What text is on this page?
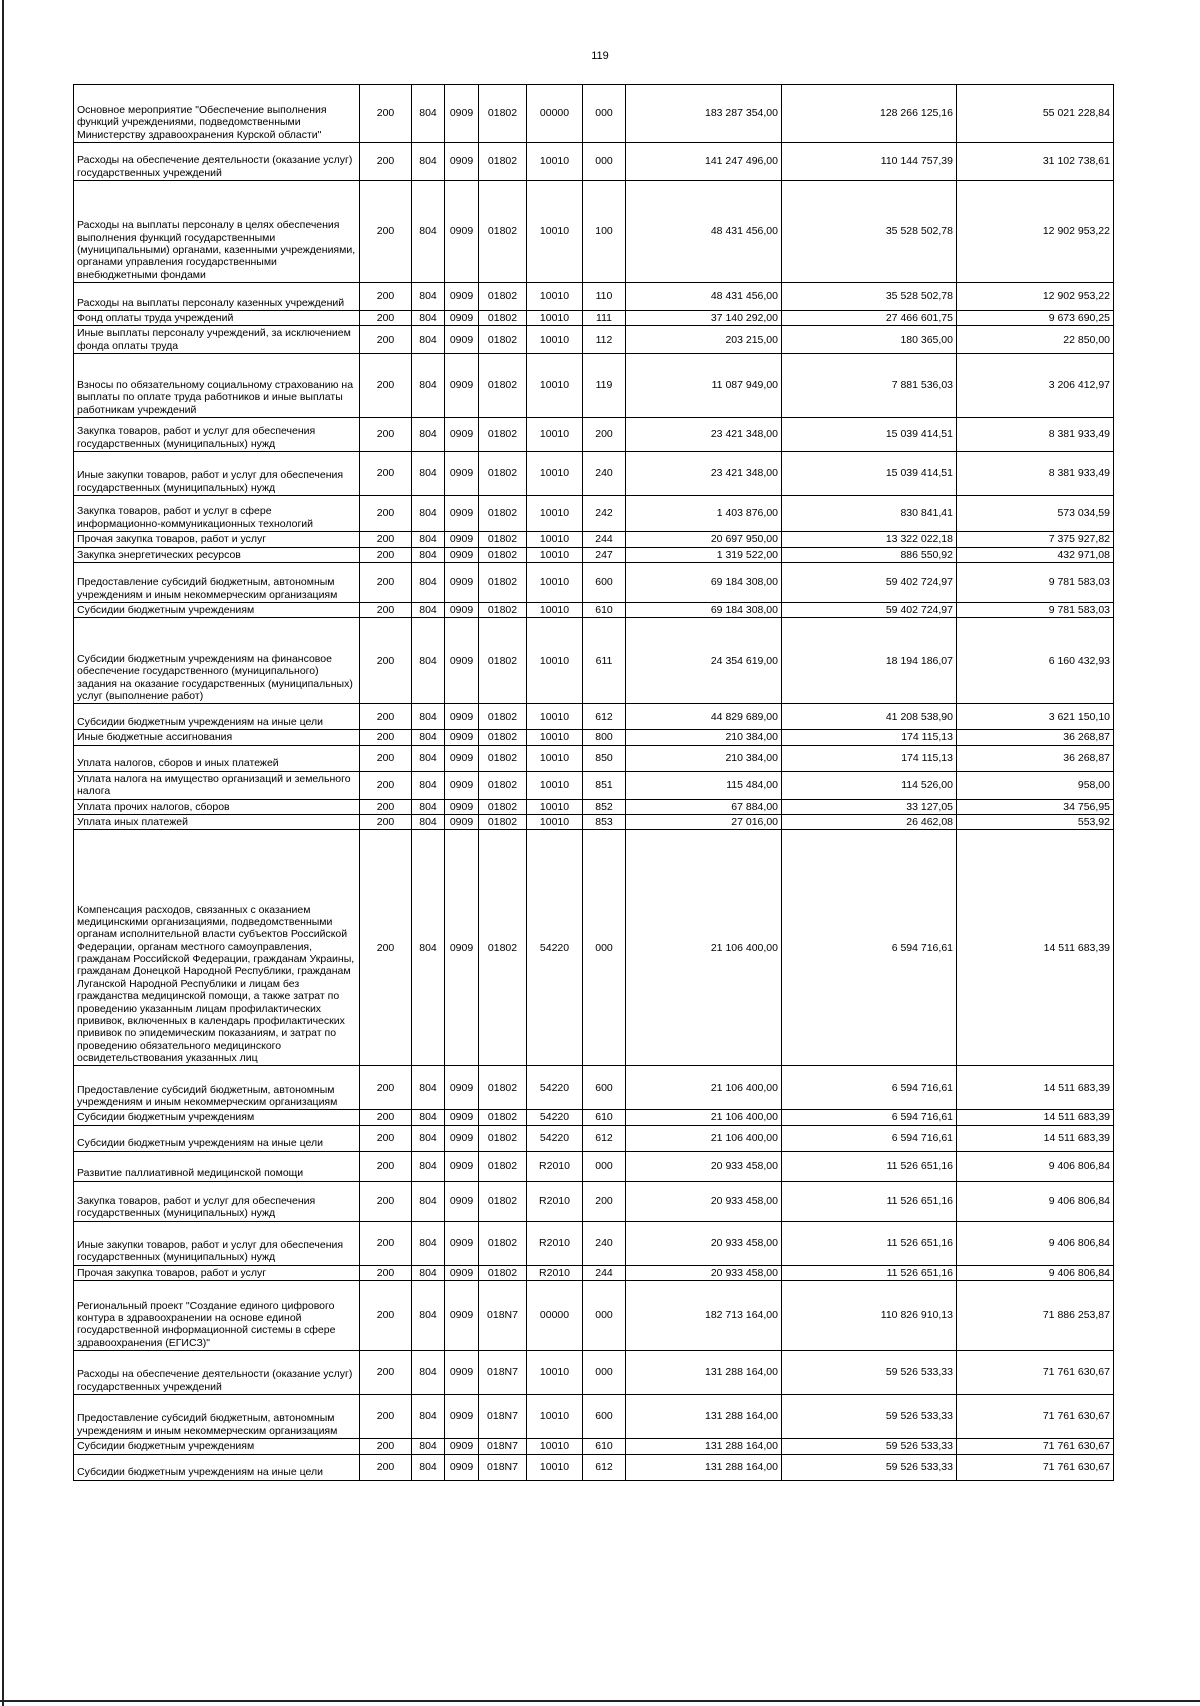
119
Основное мероприятие "Обеспечение выполнения функций учреждениями, подведомственными Министерству здравоохранения Курской области"	200	804	0909	01802	00000	000	183 287 354,00	128 266 125,16	55 021 228,84
Расходы на обеспечение деятельности (оказание услуг) государственных учреждений	200	804	0909	01802	10010	000	141 247 496,00	110 144 757,39	31 102 738,61
Расходы на выплаты персоналу в целях обеспечения выполнения функций государственными (муниципальными) органами, казенными учреждениями, органами управления государственными внебюджетными фондами	200	804	0909	01802	10010	100	48 431 456,00	35 528 502,78	12 902 953,22
Расходы на выплаты персоналу казенных учреждений	200	804	0909	01802	10010	110	48 431 456,00	35 528 502,78	12 902 953,22
Фонд оплаты труда учреждений	200	804	0909	01802	10010	111	37 140 292,00	27 466 601,75	9 673 690,25
Иные выплаты персоналу учреждений, за исключением фонда оплаты труда	200	804	0909	01802	10010	112	203 215,00	180 365,00	22 850,00
Взносы по обязательному социальному страхованию на выплаты по оплате труда работников и иные выплаты работникам учреждений	200	804	0909	01802	10010	119	11 087 949,00	7 881 536,03	3 206 412,97
Закупка товаров, работ и услуг для обеспечения государственных (муниципальных) нужд	200	804	0909	01802	10010	200	23 421 348,00	15 039 414,51	8 381 933,49
Иные закупки товаров, работ и услуг для обеспечения государственных (муниципальных) нужд	200	804	0909	01802	10010	240	23 421 348,00	15 039 414,51	8 381 933,49
Закупка товаров, работ и услуг в сфере информационно-коммуникационных технологий	200	804	0909	01802	10010	242	1 403 876,00	830 841,41	573 034,59
Прочая закупка товаров, работ и услуг	200	804	0909	01802	10010	244	20 697 950,00	13 322 022,18	7 375 927,82
Закупка энергетических ресурсов	200	804	0909	01802	10010	247	1 319 522,00	886 550,92	432 971,08
Предоставление субсидий бюджетным, автономным учреждениям и иным некоммерческим организациям	200	804	0909	01802	10010	600	69 184 308,00	59 402 724,97	9 781 583,03
Субсидии бюджетным учреждениям	200	804	0909	01802	10010	610	69 184 308,00	59 402 724,97	9 781 583,03
Субсидии бюджетным учреждениям на финансовое обеспечение государственного (муниципального) задания на оказание государственных (муниципальных) услуг (выполнение работ)	200	804	0909	01802	10010	611	24 354 619,00	18 194 186,07	6 160 432,93
Субсидии бюджетным учреждениям на иные цели	200	804	0909	01802	10010	612	44 829 689,00	41 208 538,90	3 621 150,10
Иные бюджетные ассигнования	200	804	0909	01802	10010	800	210 384,00	174 115,13	36 268,87
Уплата налогов, сборов и иных платежей	200	804	0909	01802	10010	850	210 384,00	174 115,13	36 268,87
Уплата налога на имущество организаций и земельного налога	200	804	0909	01802	10010	851	115 484,00	114 526,00	958,00
Уплата прочих налогов, сборов	200	804	0909	01802	10010	852	67 884,00	33 127,05	34 756,95
Уплата иных платежей	200	804	0909	01802	10010	853	27 016,00	26 462,08	553,92
Компенсация расходов, связанных с оказанием медицинскими организациями, подведомственными органам исполнительной власти субъектов Российской Федерации, органам местного самоуправления, гражданам Российской Федерации, гражданам Украины, гражданам Донецкой Народной Республики, гражданам Луганской Народной Республики и лицам без гражданства медицинской помощи, а также затрат по проведению указанным лицам профилактических прививок, включенных в календарь профилактических прививок по эпидемическим показаниям, и затрат по проведению обязательного медицинского освидетельствования указанных лиц	200	804	0909	01802	54220	000	21 106 400,00	6 594 716,61	14 511 683,39
Предоставление субсидий бюджетным, автономным учреждениям и иным некоммерческим организациям	200	804	0909	01802	54220	600	21 106 400,00	6 594 716,61	14 511 683,39
Субсидии бюджетным учреждениям	200	804	0909	01802	54220	610	21 106 400,00	6 594 716,61	14 511 683,39
Субсидии бюджетным учреждениям на иные цели	200	804	0909	01802	54220	612	21 106 400,00	6 594 716,61	14 511 683,39
Развитие паллиативной медицинской помощи	200	804	0909	01802	R2010	000	20 933 458,00	11 526 651,16	9 406 806,84
Закупка товаров, работ и услуг для обеспечения государственных (муниципальных) нужд	200	804	0909	01802	R2010	200	20 933 458,00	11 526 651,16	9 406 806,84
Иные закупки товаров, работ и услуг для обеспечения государственных (муниципальных) нужд	200	804	0909	01802	R2010	240	20 933 458,00	11 526 651,16	9 406 806,84
Прочая закупка товаров, работ и услуг	200	804	0909	01802	R2010	244	20 933 458,00	11 526 651,16	9 406 806,84
Региональный проект "Создание единого цифрового контура в здравоохранении на основе единой государственной информационной системы в сфере здравоохранения (ЕГИСЗ)"	200	804	0909	018N7	00000	000	182 713 164,00	110 826 910,13	71 886 253,87
Расходы на обеспечение деятельности (оказание услуг) государственных учреждений	200	804	0909	018N7	10010	000	131 288 164,00	59 526 533,33	71 761 630,67
Предоставление субсидий бюджетным, автономным учреждениям и иным некоммерческим организациям	200	804	0909	018N7	10010	600	131 288 164,00	59 526 533,33	71 761 630,67
Субсидии бюджетным учреждениям	200	804	0909	018N7	10010	610	131 288 164,00	59 526 533,33	71 761 630,67
Субсидии бюджетным учреждениям на иные цели	200	804	0909	018N7	10010	612	131 288 164,00	59 526 533,33	71 761 630,67
